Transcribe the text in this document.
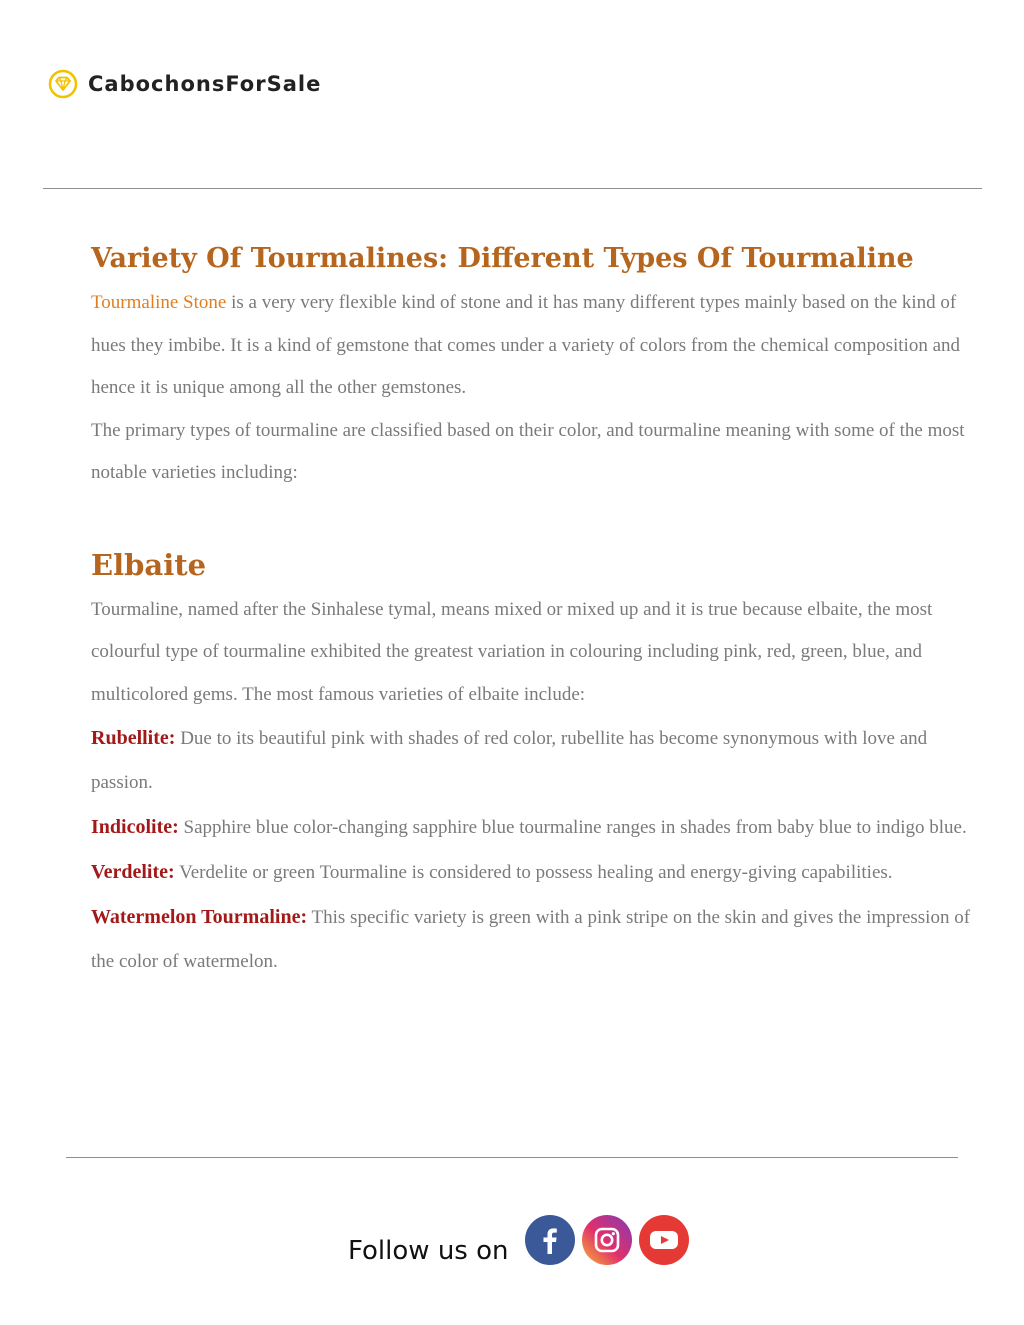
CabochonsForSale
Variety Of Tourmalines: Different Types Of Tourmaline

Tourmaline Stone is a very very flexible kind of stone and it has many different types mainly based on the kind of hues they imbibe. It is a kind of gemstone that comes under a variety of colors from the chemical composition and hence it is unique among all the other gemstones.

The primary types of tourmaline are classified based on their color, and tourmaline meaning with some of the most notable varieties including:

Elbaite

Tourmaline, named after the Sinhalese tymal, means mixed or mixed up and it is true because elbaite, the most colourful type of tourmaline exhibited the greatest variation in colouring including pink, red, green, blue, and multicolored gems. The most famous varieties of elbaite include:

Rubellite: Due to its beautiful pink with shades of red color, rubellite has become synonymous with love and passion.

Indicolite: Sapphire blue color-changing sapphire blue tourmaline ranges in shades from baby blue to indigo blue.

Verdelite: Verdelite or green Tourmaline is considered to possess healing and energy-giving capabilities.

Watermelon Tourmaline: This specific variety is green with a pink stripe on the skin and gives the impression of the color of watermelon.

Follow us on
